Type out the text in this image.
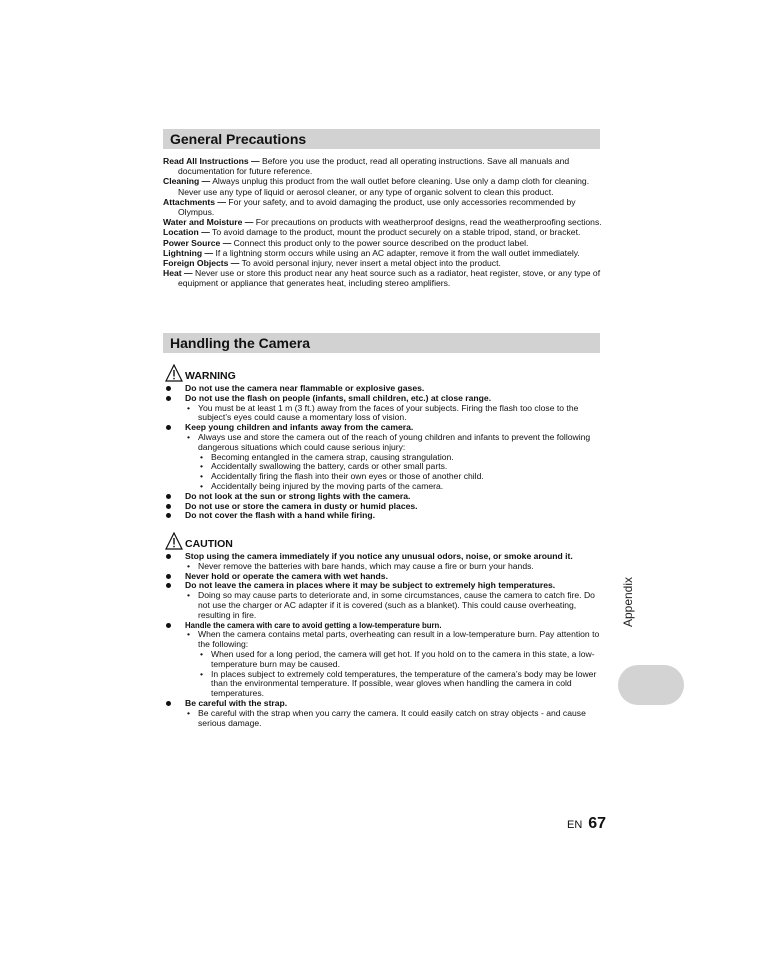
General Precautions

Read All Instructions — Before you use the product, read all operating instructions. Save all manuals and documentation for future reference.

Cleaning — Always unplug this product from the wall outlet before cleaning. Use only a damp cloth for cleaning. Never use any type of liquid or aerosol cleaner, or any type of organic solvent to clean this product.

Attachments — For your safety, and to avoid damaging the product, use only accessories recommended by Olympus.

Water and Moisture — For precautions on products with weatherproof designs, read the weatherproofing sections.

Location — To avoid damage to the product, mount the product securely on a stable tripod, stand, or bracket.

Power Source — Connect this product only to the power source described on the product label.

Lightning — If a lightning storm occurs while using an AC adapter, remove it from the wall outlet immediately.

Foreign Objects — To avoid personal injury, never insert a metal object into the product.

Heat — Never use or store this product near any heat source such as a radiator, heat register, stove, or any type of equipment or appliance that generates heat, including stereo amplifiers.

Handling the Camera
WARNING
Do not use the camera near flammable or explosive gases.
Do not use the flash on people (infants, small children, etc.) at close range.
• You must be at least 1 m (3 ft.) away from the faces of your subjects. Firing the flash too close to the subject’s eyes could cause a momentary loss of vision.
Keep young children and infants away from the camera.
• Always use and store the camera out of the reach of young children and infants to prevent the following dangerous situations which could cause serious injury:
• Becoming entangled in the camera strap, causing strangulation.
• Accidentally swallowing the battery, cards or other small parts.
• Accidentally firing the flash into their own eyes or those of another child.
• Accidentally being injured by the moving parts of the camera.
Do not look at the sun or strong lights with the camera.
Do not use or store the camera in dusty or humid places.
Do not cover the flash with a hand while firing.
CAUTION
Stop using the camera immediately if you notice any unusual odors, noise, or smoke around it.
• Never remove the batteries with bare hands, which may cause a fire or burn your hands.
Never hold or operate the camera with wet hands.
Do not leave the camera in places where it may be subject to extremely high temperatures.
• Doing so may cause parts to deteriorate and, in some circumstances, cause the camera to catch fire. Do not use the charger or AC adapter if it is covered (such as a blanket). This could cause overheating, resulting in fire.
Handle the camera with care to avoid getting a low-temperature burn.
• When the camera contains metal parts, overheating can result in a low-temperature burn. Pay attention to the following:
• When used for a long period, the camera will get hot. If you hold on to the camera in this state, a low-temperature burn may be caused.
• In places subject to extremely cold temperatures, the temperature of the camera’s body may be lower than the environmental temperature. If possible, wear gloves when handling the camera in cold temperatures.
Be careful with the strap.
• Be careful with the strap when you carry the camera. It could easily catch on stray objects - and cause serious damage.
Appendix
EN 67
